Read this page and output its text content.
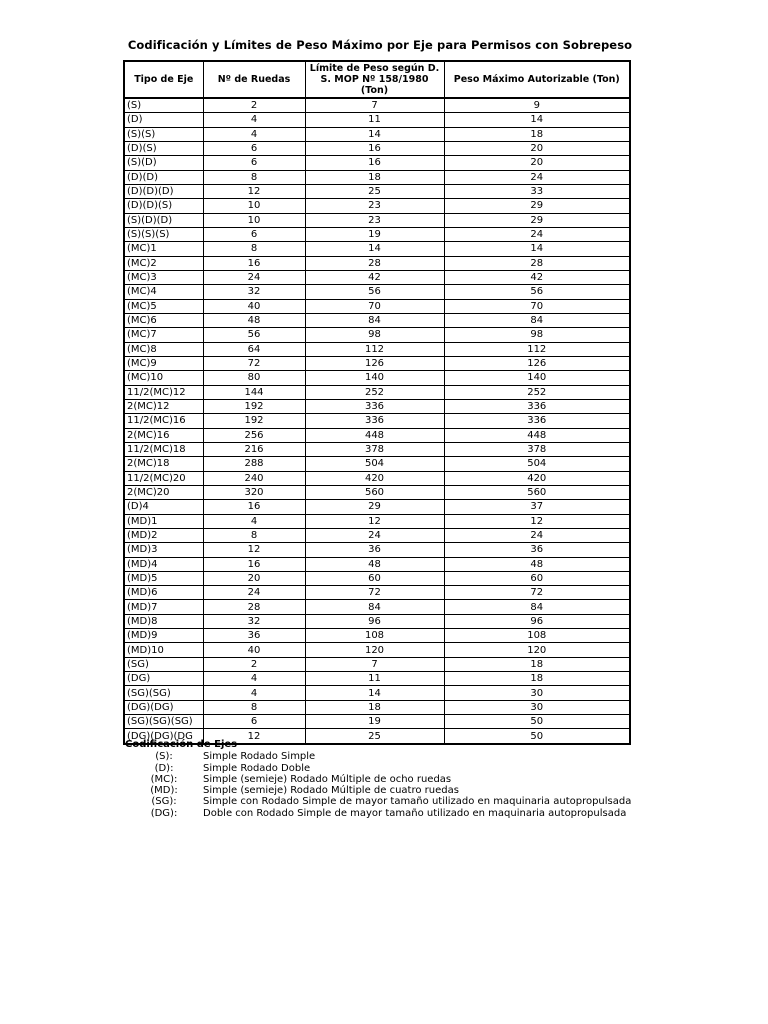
Codificación y Límites de Peso Máximo por Eje para Permisos con Sobrepeso
Tipo de Eje	Nº de Ruedas	Límite de Peso según D. S. MOP Nº 158/1980 (Ton)	Peso Máximo Autorizable (Ton)
(S)	2	7	9
(D)	4	11	14
(S)(S)	4	14	18
(D)(S)	6	16	20
(S)(D)	6	16	20
(D)(D)	8	18	24
(D)(D)(D)	12	25	33
(D)(D)(S)	10	23	29
(S)(D)(D)	10	23	29
(S)(S)(S)	6	19	24
(MC)1	8	14	14
(MC)2	16	28	28
(MC)3	24	42	42
(MC)4	32	56	56
(MC)5	40	70	70
(MC)6	48	84	84
(MC)7	56	98	98
(MC)8	64	112	112
(MC)9	72	126	126
(MC)10	80	140	140
11/2(MC)12	144	252	252
2(MC)12	192	336	336
11/2(MC)16	192	336	336
2(MC)16	256	448	448
11/2(MC)18	216	378	378
2(MC)18	288	504	504
11/2(MC)20	240	420	420
2(MC)20	320	560	560
(D)4	16	29	37
(MD)1	4	12	12
(MD)2	8	24	24
(MD)3	12	36	36
(MD)4	16	48	48
(MD)5	20	60	60
(MD)6	24	72	72
(MD)7	28	84	84
(MD)8	32	96	96
(MD)9	36	108	108
(MD)10	40	120	120
(SG)	2	7	18
(DG)	4	11	18
(SG)(SG)	4	14	30
(DG)(DG)	8	18	30
(SG)(SG)(SG)	6	19	50
(DG)(DG)(DG	12	25	50
Codificación de Ejes
(S):	Simple Rodado Simple
(D):	Simple Rodado Doble
(MC):	Simple (semieje) Rodado Múltiple de ocho ruedas
(MD):	Simple (semieje) Rodado Múltiple de cuatro ruedas
(SG):	Simple con Rodado Simple de mayor tamaño utilizado en maquinaria autopropulsada
(DG):	Doble con Rodado Simple de mayor tamaño utilizado en maquinaria autopropulsada
